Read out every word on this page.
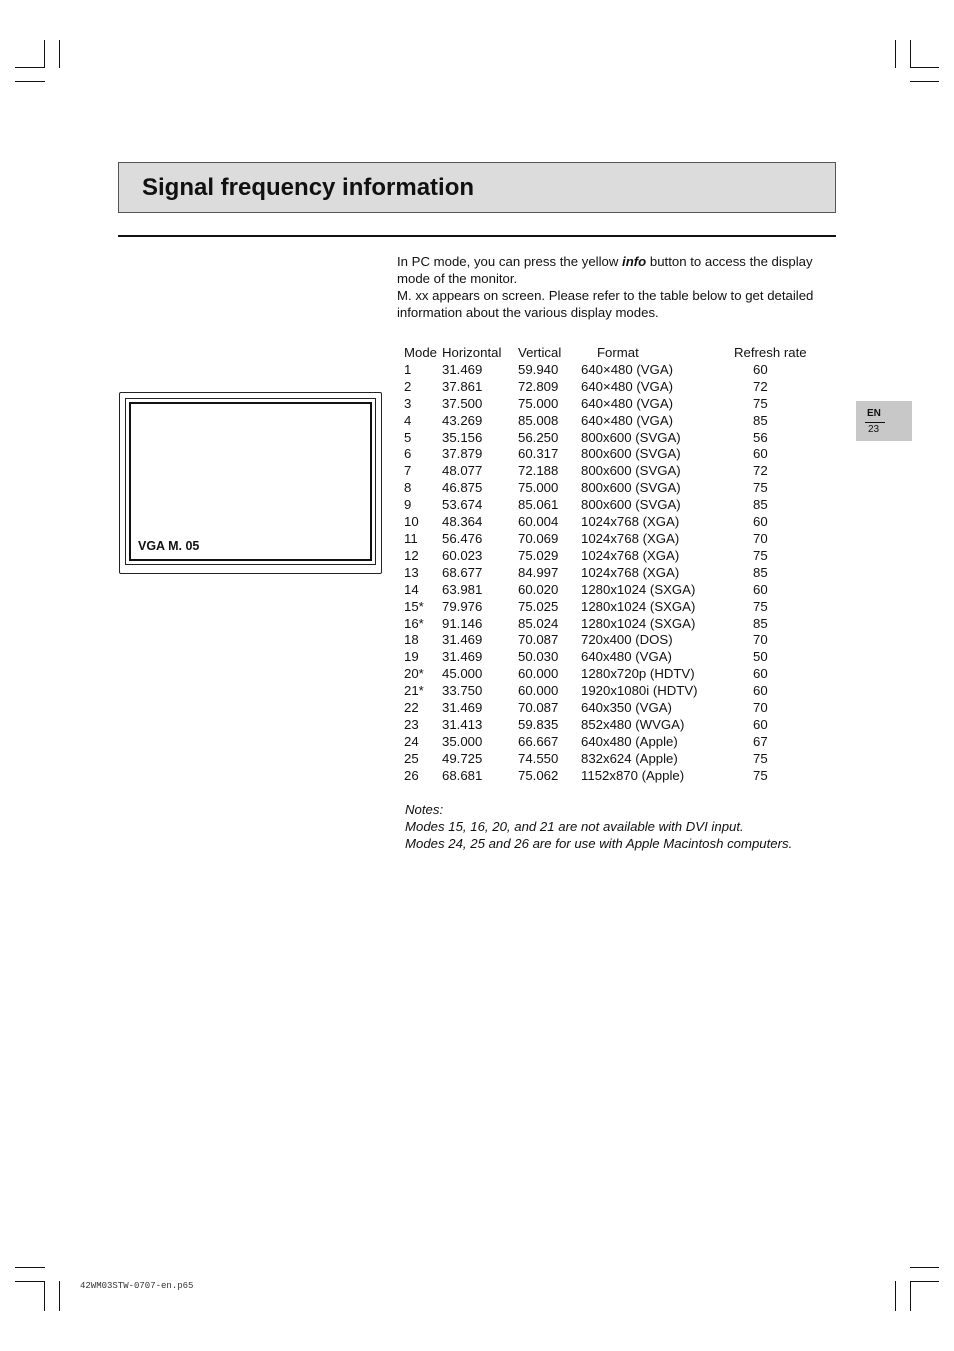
Signal frequency information

In PC mode, you can press the yellow info button to access the display mode of the monitor.

M. xx appears on screen. Please refer to the table below to get detailed information about the various display modes.

VGA M. 05
Mode	Horizontal	Vertical	Format	Refresh rate
1	31.469	59.940	640×480 (VGA)	60
2	37.861	72.809	640×480 (VGA)	72
3	37.500	75.000	640×480 (VGA)	75
4	43.269	85.008	640×480 (VGA)	85
5	35.156	56.250	800x600 (SVGA)	56
6	37.879	60.317	800x600 (SVGA)	60
7	48.077	72.188	800x600 (SVGA)	72
8	46.875	75.000	800x600 (SVGA)	75
9	53.674	85.061	800x600 (SVGA)	85
10	48.364	60.004	1024x768 (XGA)	60
11	56.476	70.069	1024x768 (XGA)	70
12	60.023	75.029	1024x768 (XGA)	75
13	68.677	84.997	1024x768 (XGA)	85
14	63.981	60.020	1280x1024 (SXGA)	60
15*	79.976	75.025	1280x1024 (SXGA)	75
16*	91.146	85.024	1280x1024 (SXGA)	85
18	31.469	70.087	720x400 (DOS)	70
19	31.469	50.030	640x480 (VGA)	50
20*	45.000	60.000	1280x720p (HDTV)	60
21*	33.750	60.000	1920x1080i (HDTV)	60
22	31.469	70.087	640x350 (VGA)	70
23	31.413	59.835	852x480 (WVGA)	60
24	35.000	66.667	640x480 (Apple)	67
25	49.725	74.550	832x624 (Apple)	75
26	68.681	75.062	1152x870 (Apple)	75

Notes:

Modes 15, 16, 20, and 21 are not available with DVI input.

Modes 24, 25 and 26 are for use with Apple Macintosh computers.

EN
23
42WM03STW-0707-en.p65
